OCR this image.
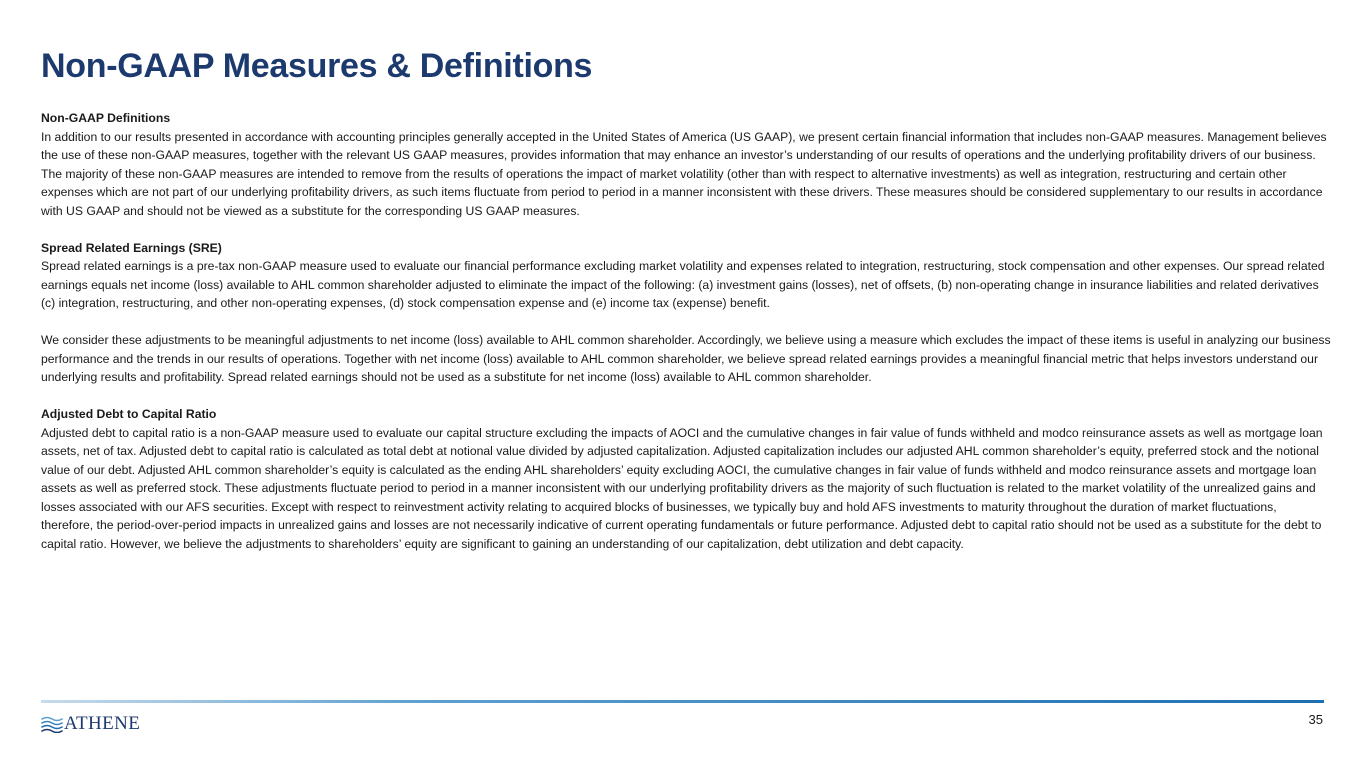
Non-GAAP Measures & Definitions

Non-GAAP Definitions

In addition to our results presented in accordance with accounting principles generally accepted in the United States of America (US GAAP), we present certain financial information that includes non-GAAP measures. Management believes the use of these non-GAAP measures, together with the relevant US GAAP measures, provides information that may enhance an investor’s understanding of our results of operations and the underlying profitability drivers of our business. The majority of these non-GAAP measures are intended to remove from the results of operations the impact of market volatility (other than with respect to alternative investments) as well as integration, restructuring and certain other expenses which are not part of our underlying profitability drivers, as such items fluctuate from period to period in a manner inconsistent with these drivers. These measures should be considered supplementary to our results in accordance with US GAAP and should not be viewed as a substitute for the corresponding US GAAP measures.

Spread Related Earnings (SRE)

Spread related earnings is a pre-tax non-GAAP measure used to evaluate our financial performance excluding market volatility and expenses related to integration, restructuring, stock compensation and other expenses. Our spread related earnings equals net income (loss) available to AHL common shareholder adjusted to eliminate the impact of the following: (a) investment gains (losses), net of offsets, (b) non-operating change in insurance liabilities and related derivatives (c) integration, restructuring, and other non-operating expenses, (d) stock compensation expense and (e) income tax (expense) benefit.

We consider these adjustments to be meaningful adjustments to net income (loss) available to AHL common shareholder. Accordingly, we believe using a measure which excludes the impact of these items is useful in analyzing our business performance and the trends in our results of operations. Together with net income (loss) available to AHL common shareholder, we believe spread related earnings provides a meaningful financial metric that helps investors understand our underlying results and profitability. Spread related earnings should not be used as a substitute for net income (loss) available to AHL common shareholder.

Adjusted Debt to Capital Ratio

Adjusted debt to capital ratio is a non-GAAP measure used to evaluate our capital structure excluding the impacts of AOCI and the cumulative changes in fair value of funds withheld and modco reinsurance assets as well as mortgage loan assets, net of tax. Adjusted debt to capital ratio is calculated as total debt at notional value divided by adjusted capitalization. Adjusted capitalization includes our adjusted AHL common shareholder’s equity, preferred stock and the notional value of our debt. Adjusted AHL common shareholder’s equity is calculated as the ending AHL shareholders’ equity excluding AOCI, the cumulative changes in fair value of funds withheld and modco reinsurance assets and mortgage loan assets as well as preferred stock. These adjustments fluctuate period to period in a manner inconsistent with our underlying profitability drivers as the majority of such fluctuation is related to the market volatility of the unrealized gains and losses associated with our AFS securities. Except with respect to reinvestment activity relating to acquired blocks of businesses, we typically buy and hold AFS investments to maturity throughout the duration of market fluctuations, therefore, the period-over-period impacts in unrealized gains and losses are not necessarily indicative of current operating fundamentals or future performance. Adjusted debt to capital ratio should not be used as a substitute for the debt to capital ratio. However, we believe the adjustments to shareholders’ equity are significant to gaining an understanding of our capitalization, debt utilization and debt capacity.

ATHENE	35
